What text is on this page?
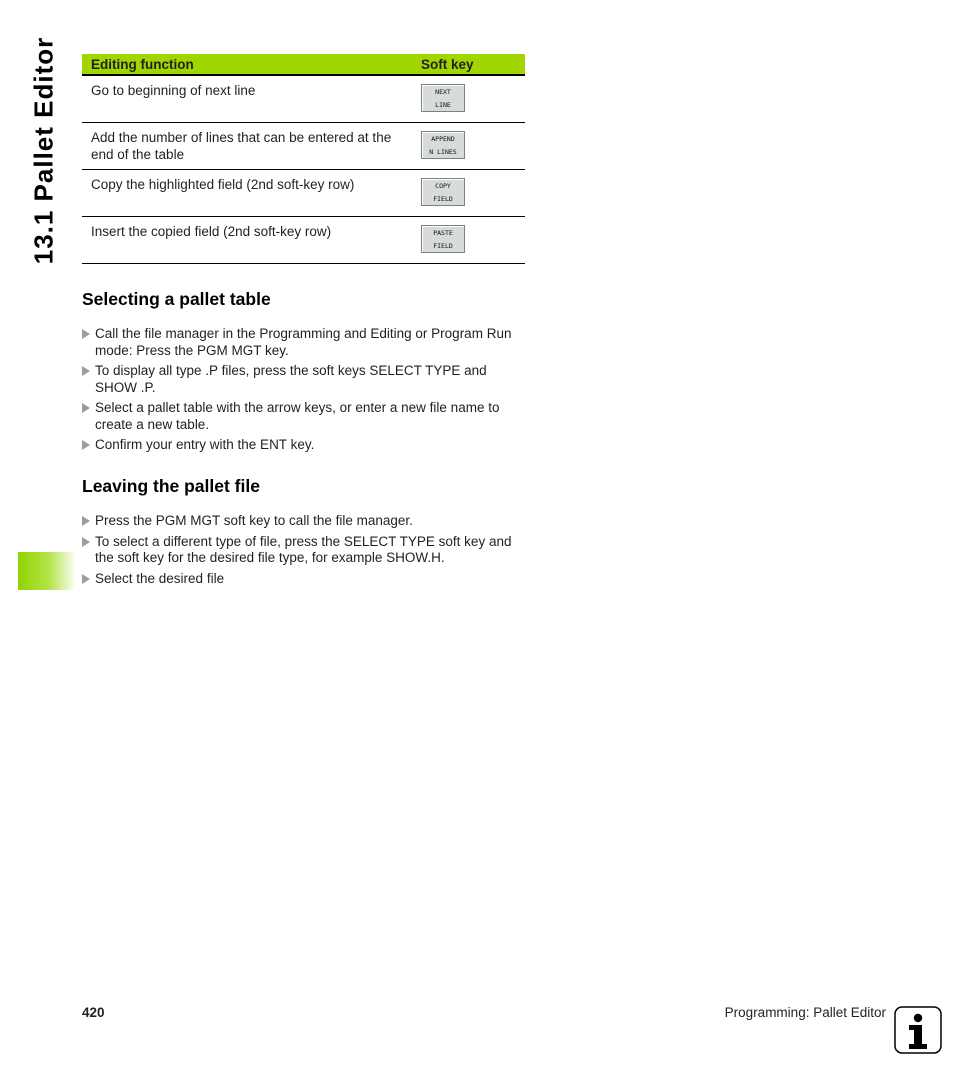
13.1 Pallet Editor Editing function	Soft key
Go to beginning of next line	NEXT
LINE

Add the number of lines that can be entered at the end of the table	APPEND
N LINES

Copy the highlighted field (2nd soft-key row)	COPY
FIELD

Insert the copied field (2nd soft-key row)	PASTE
FIELD
Selecting a pallet table
Call the file manager in the Programming and Editing or Program Run mode: Press the PGM MGT key.
To display all type .P files, press the soft keys SELECT TYPE and SHOW .P.
Select a pallet table with the arrow keys, or enter a new file name to create a new table.
Confirm your entry with the ENT key.
Leaving the pallet file
Press the PGM MGT soft key to call the file manager.
To select a different type of file, press the SELECT TYPE soft key and the soft key for the desired file type, for example SHOW.H.
Select the desired file
420	Programming: Pallet Editor
